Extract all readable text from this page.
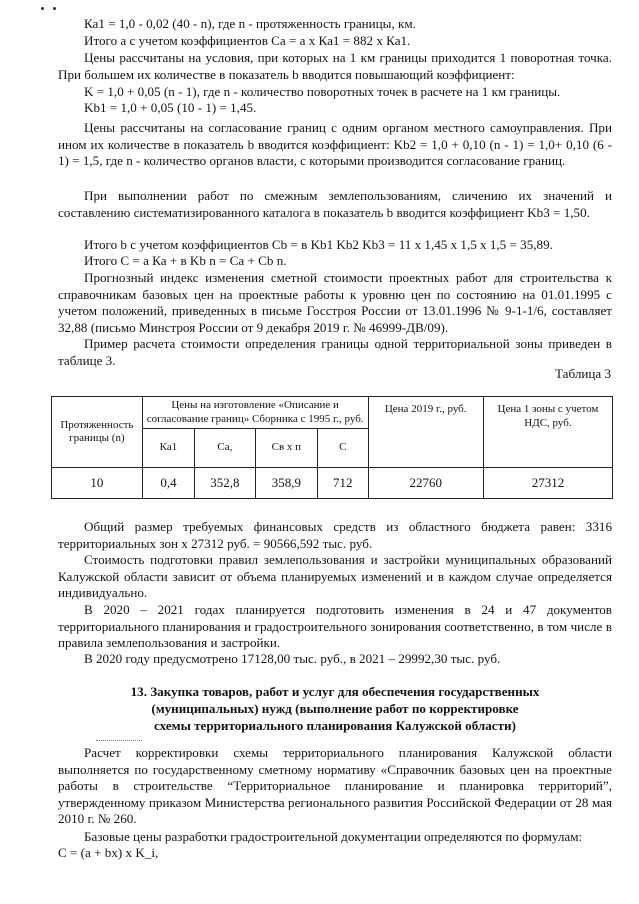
Ка1 = 1,0 - 0,02 (40 - n), где n - протяженность границы, км.

Итого а с учетом коэффициентов Са = а х Ка1 = 882 х Ка1.

Цены рассчитаны на условия, при которых на 1 км границы приходится 1 поворотная точка. При большем их количестве в показатель b вводится повышающий коэффициент:

K = 1,0 + 0,05 (n - 1), где n - количество поворотных точек в расчете на 1 км границы.

Kb1 = 1,0 + 0,05 (10 - 1) = 1,45.

Цены рассчитаны на согласование границ с одним органом местного самоуправления. При ином их количестве в показатель b вводится коэффициент: Kb2 = 1,0 + 0,10 (n - 1) = 1,0+ 0,10 (6 - 1) = 1,5, где n - количество органов власти, с которыми производится согласование границ.

При выполнении работ по смежным землепользованиям, сличению их значений и составлению систематизированного каталога в показатель b вводится коэффициент Kb3 = 1,50.

Итого b с учетом коэффициентов Cb = в Kb1 Kb2 Kb3 = 11 х 1,45 х 1,5 х 1,5 = 35,89.

Итого С = а Ка + в Kb n = Са + Сb n.

Прогнозный индекс изменения сметной стоимости проектных работ для строительства к справочникам базовых цен на проектные работы к уровню цен по состоянию на 01.01.1995 с учетом положений, приведенных в письме Госстроя России от 13.01.1996 № 9-1-1/6, составляет 32,88 (письмо Минстроя России от 9 декабря 2019 г. № 46999-ДВ/09).

Пример расчета стоимости определения границы одной территориальной зоны приведен в таблице 3.

Таблица 3
Протяженность границы (n)	Цены на изготовление «Описание и согласование границ» Сборника с 1995 г., руб.				Цена 2019 г., руб.	Цена 1 зоны с учетом НДС, руб.
	Ка1	Са,	Св х п	С		
10	0,4	352,8	358,9	712	22760	27312

Общий размер требуемых финансовых средств из областного бюджета равен: 3316 территориальных зон х 27312 руб. = 90566,592 тыс. руб.

Стоимость подготовки правил землепользования и застройки муниципальных образований Калужской области зависит от объема планируемых изменений и в каждом случае определяется индивидуально.

В 2020 – 2021 годах планируется подготовить изменения в 24 и 47 документов территориального планирования и градостроительного зонирования соответственно, в том числе в правила землепользования и застройки.

В 2020 году предусмотрено 17128,00 тыс. руб., в 2021 – 29992,30 тыс. руб.

13. Закупка товаров, работ и услуг для обеспечения государственных

(муниципальных) нужд (выполнение работ по корректировке

схемы территориального планирования Калужской области)

Расчет корректировки схемы территориального планирования Калужской области выполняется по государственному сметному нормативу «Справочник базовых цен на проектные работы в строительстве “Территориальное планирование и планировка территорий”, утвержденному приказом Министерства регионального развития Российской Федерации от 28 мая 2010 г. № 260.

Базовые цены разработки градостроительной документации определяются по формулам:

С = (а + bх) х K_i,
